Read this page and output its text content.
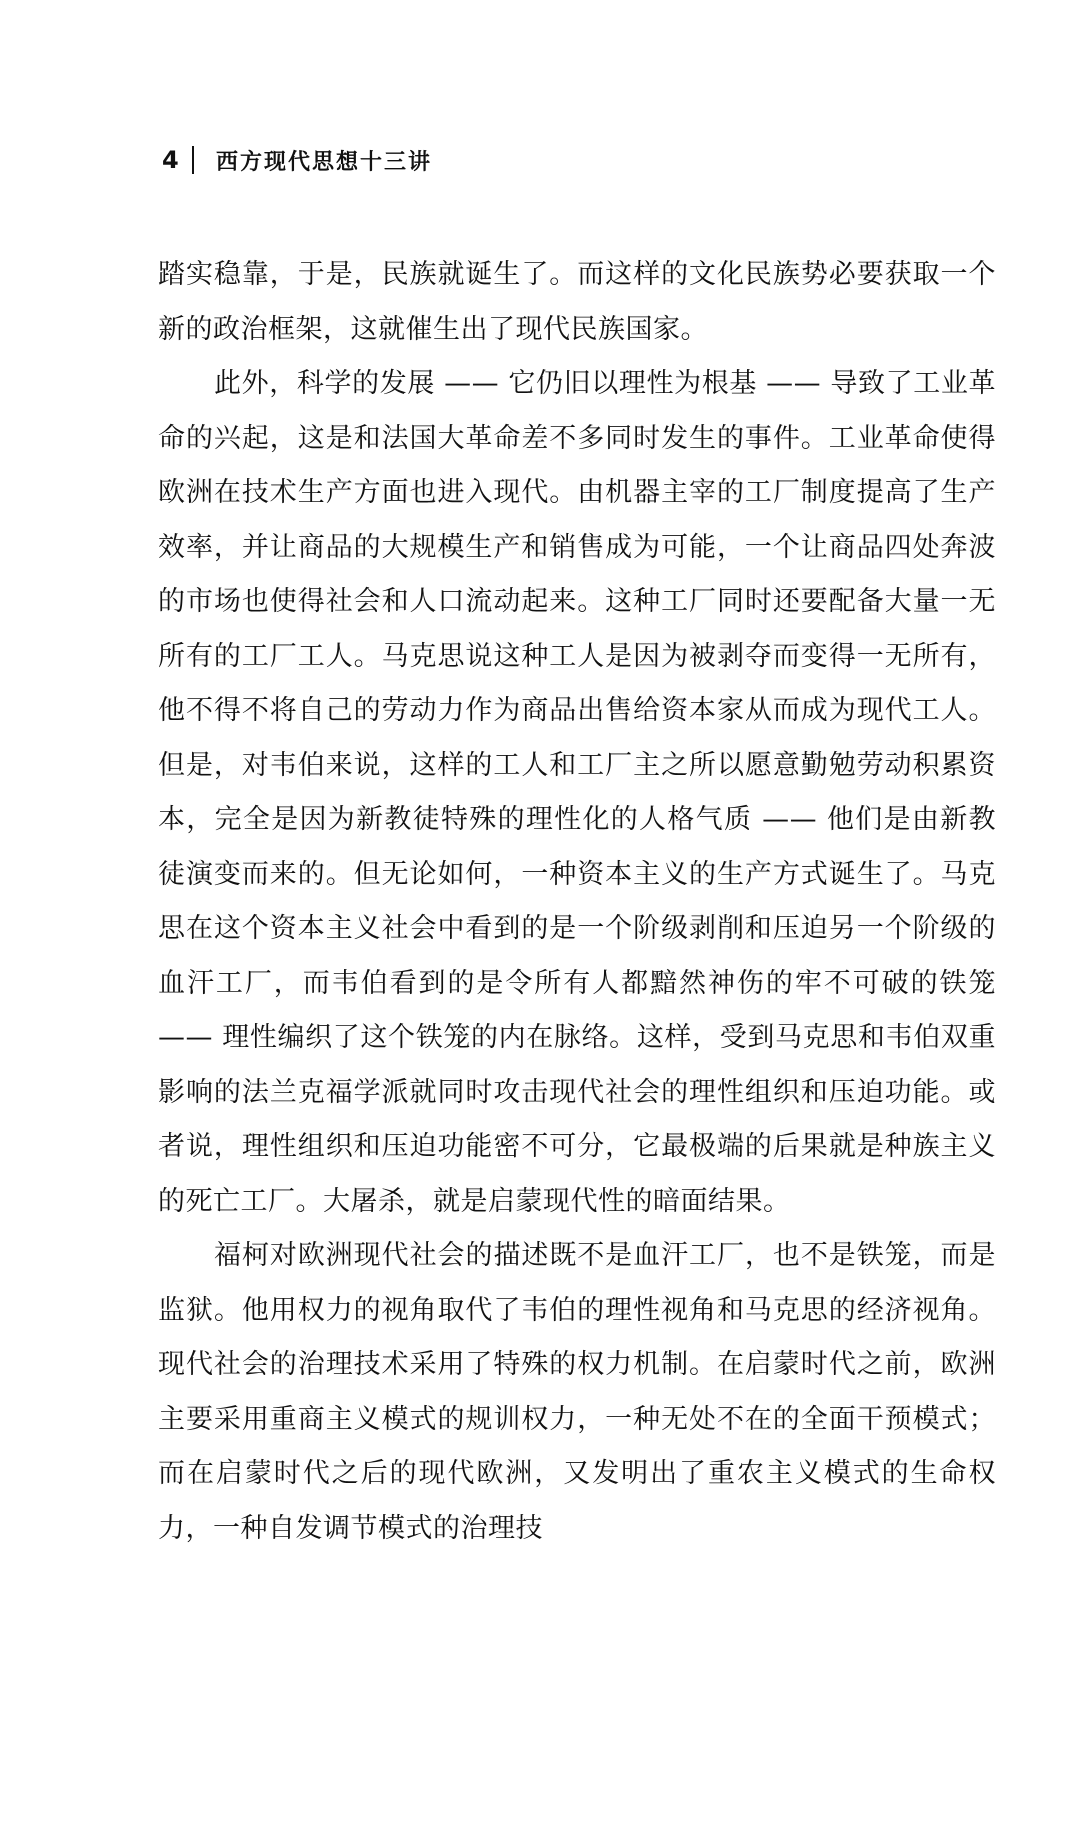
4 西方现代思想十三讲

踏实稳靠，于是，民族就诞生了。而这样的文化民族势必要获取一个新的政治框架，这就催生出了现代民族国家。

此外，科学的发展 —— 它仍旧以理性为根基 —— 导致了工业革命的兴起，这是和法国大革命差不多同时发生的事件。工业革命使得欧洲在技术生产方面也进入现代。由机器主宰的工厂制度提高了生产效率，并让商品的大规模生产和销售成为可能，一个让商品四处奔波的市场也使得社会和人口流动起来。这种工厂同时还要配备大量一无所有的工厂工人。马克思说这种工人是因为被剥夺而变得一无所有，他不得不将自己的劳动力作为商品出售给资本家从而成为现代工人。但是，对韦伯来说，这样的工人和工厂主之所以愿意勤勉劳动积累资本，完全是因为新教徒特殊的理性化的人格气质 —— 他们是由新教徒演变而来的。但无论如何，一种资本主义的生产方式诞生了。马克思在这个资本主义社会中看到的是一个阶级剥削和压迫另一个阶级的血汗工厂，而韦伯看到的是令所有人都黯然神伤的牢不可破的铁笼 —— 理性编织了这个铁笼的内在脉络。这样，受到马克思和韦伯双重影响的法兰克福学派就同时攻击现代社会的理性组织和压迫功能。或者说，理性组织和压迫功能密不可分，它最极端的后果就是种族主义的死亡工厂。大屠杀，就是启蒙现代性的暗面结果。

福柯对欧洲现代社会的描述既不是血汗工厂，也不是铁笼，而是监狱。他用权力的视角取代了韦伯的理性视角和马克思的经济视角。现代社会的治理技术采用了特殊的权力机制。在启蒙时代之前，欧洲主要采用重商主义模式的规训权力，一种无处不在的全面干预模式；而在启蒙时代之后的现代欧洲，又发明出了重农主义模式的生命权力，一种自发调节模式的治理技
